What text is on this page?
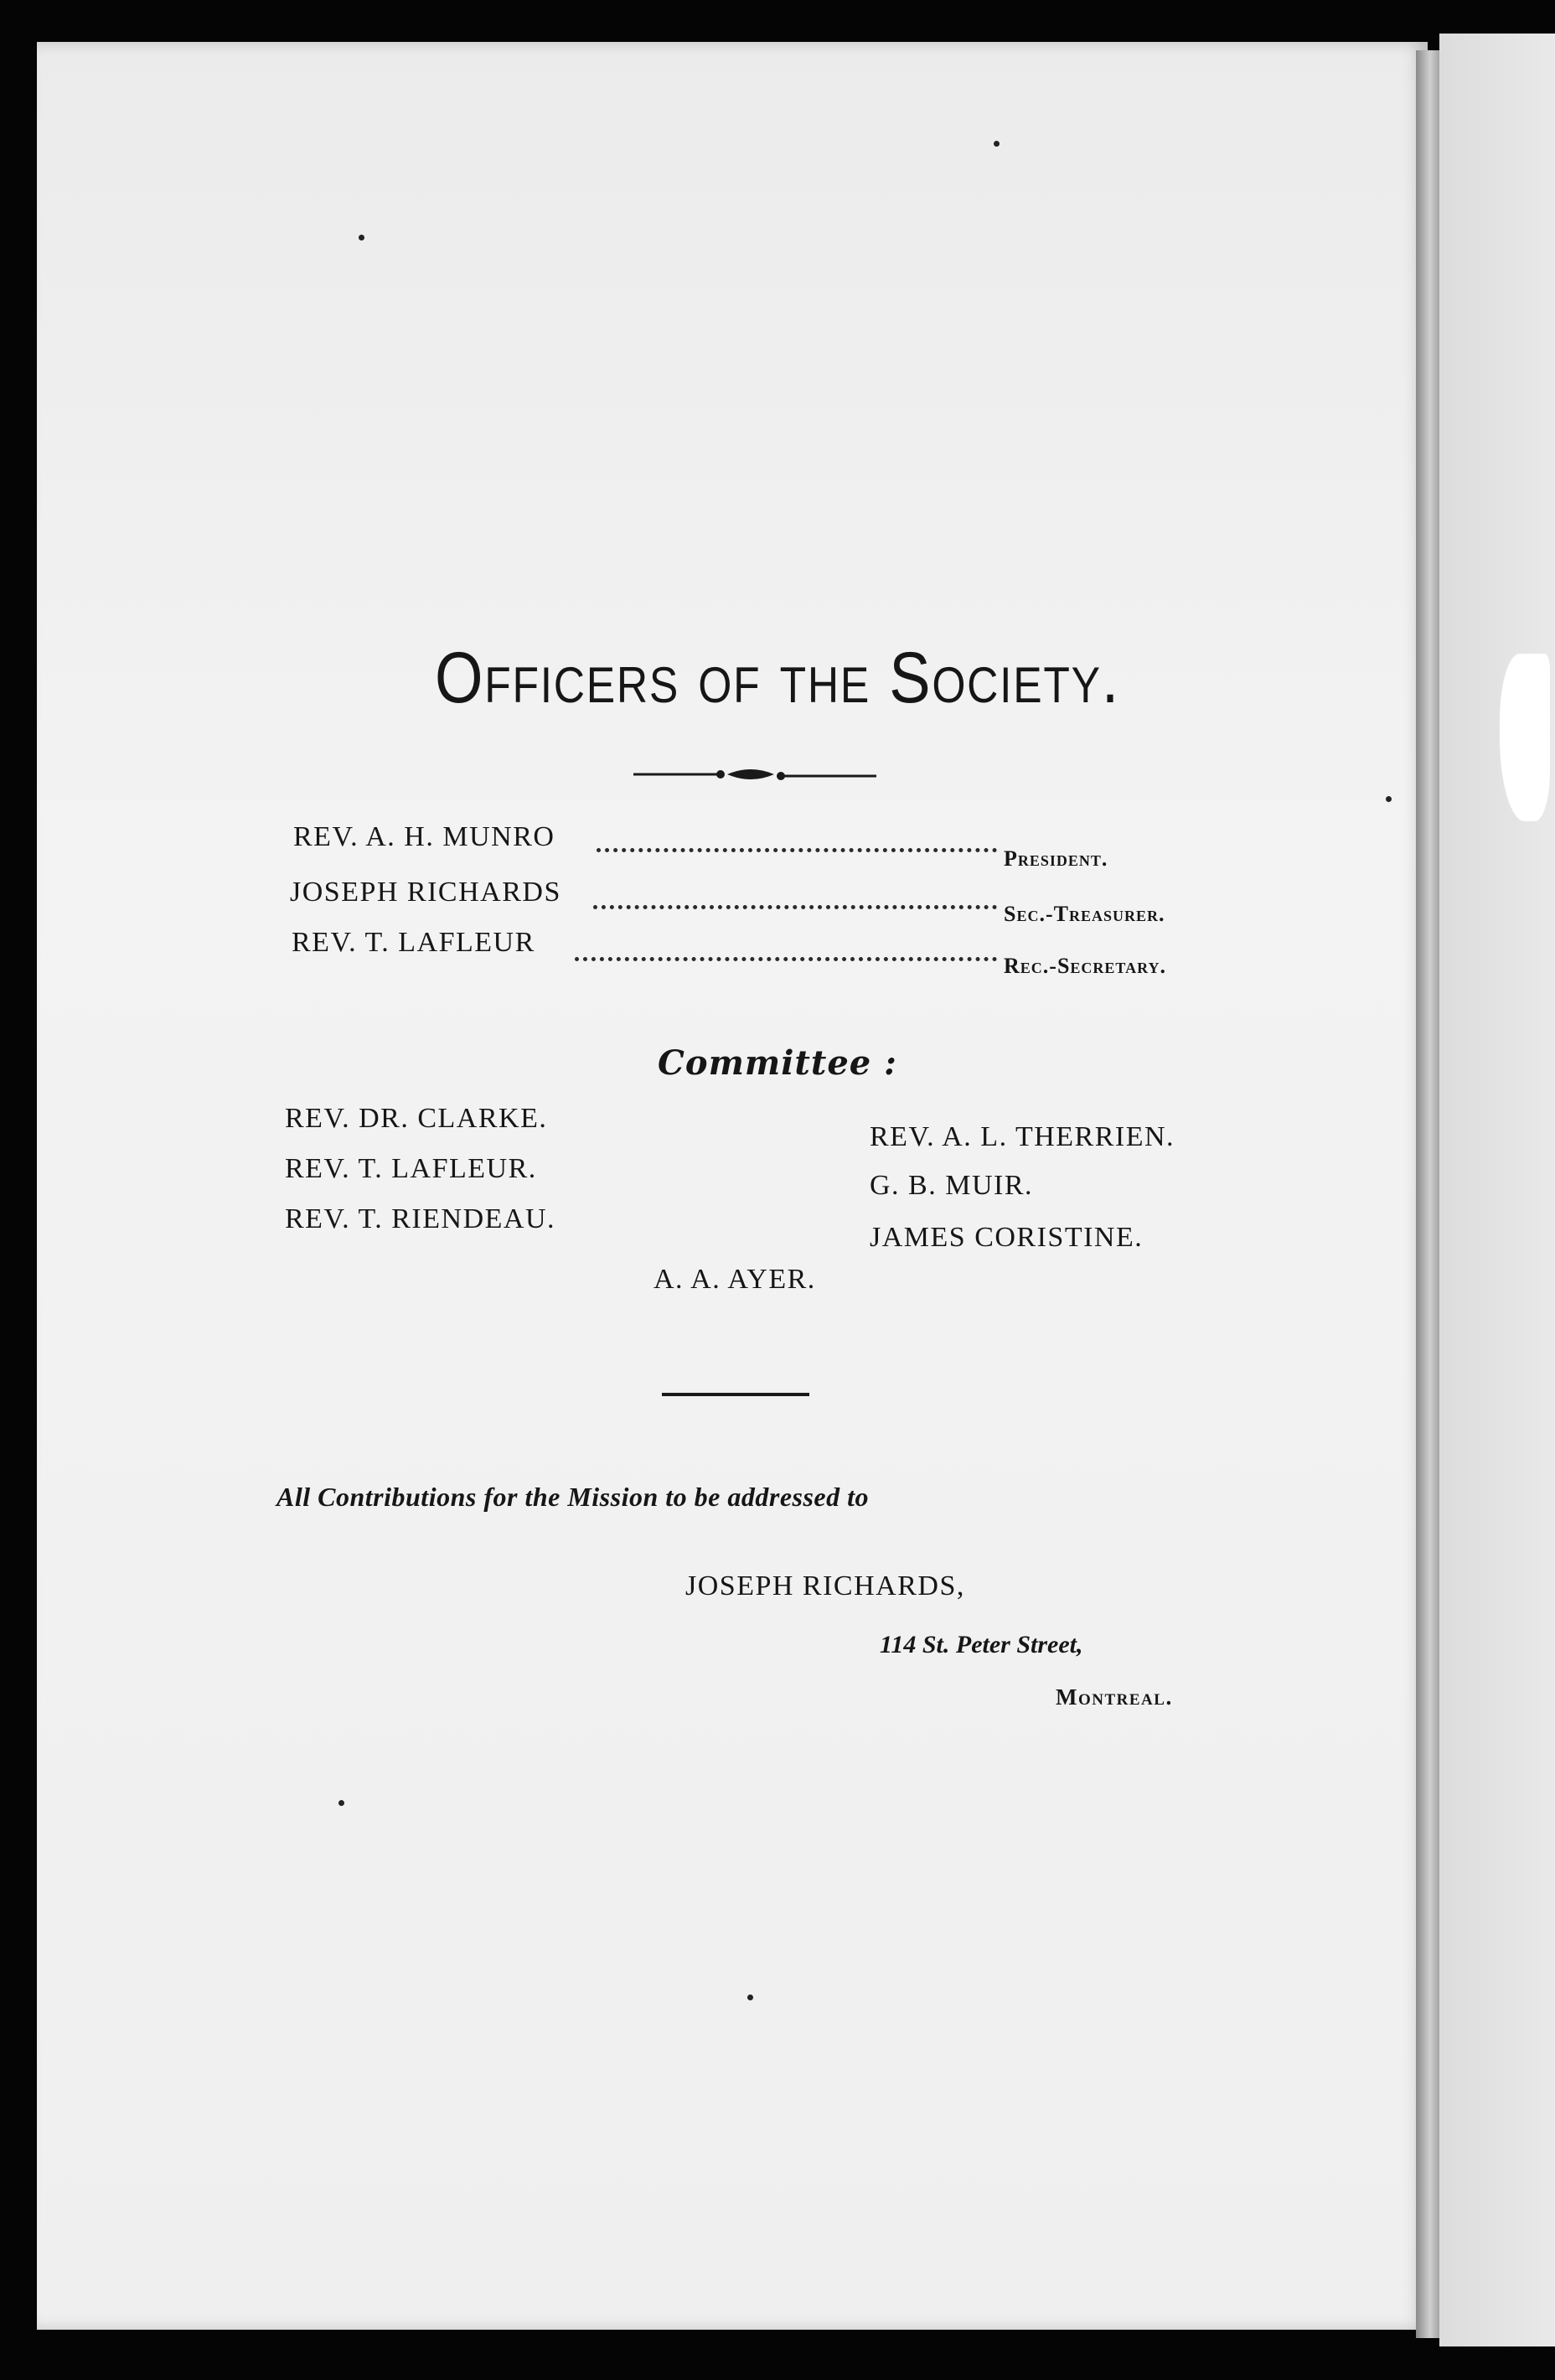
Officers of the Society.
REV. A. H. MUNRO
President.
JOSEPH RICHARDS
Sec.-Treasurer.
REV. T. LAFLEUR
Rec.-Secretary.
Committee :
REV. DR. CLARKE.
REV. T. LAFLEUR.
REV. T. RIENDEAU.
REV. A. L. THERRIEN.
G. B. MUIR.
JAMES CORISTINE.
A. A. AYER.
All Contributions for the Mission to be addressed to
JOSEPH RICHARDS,
114 St. Peter Street,
Montreal.
